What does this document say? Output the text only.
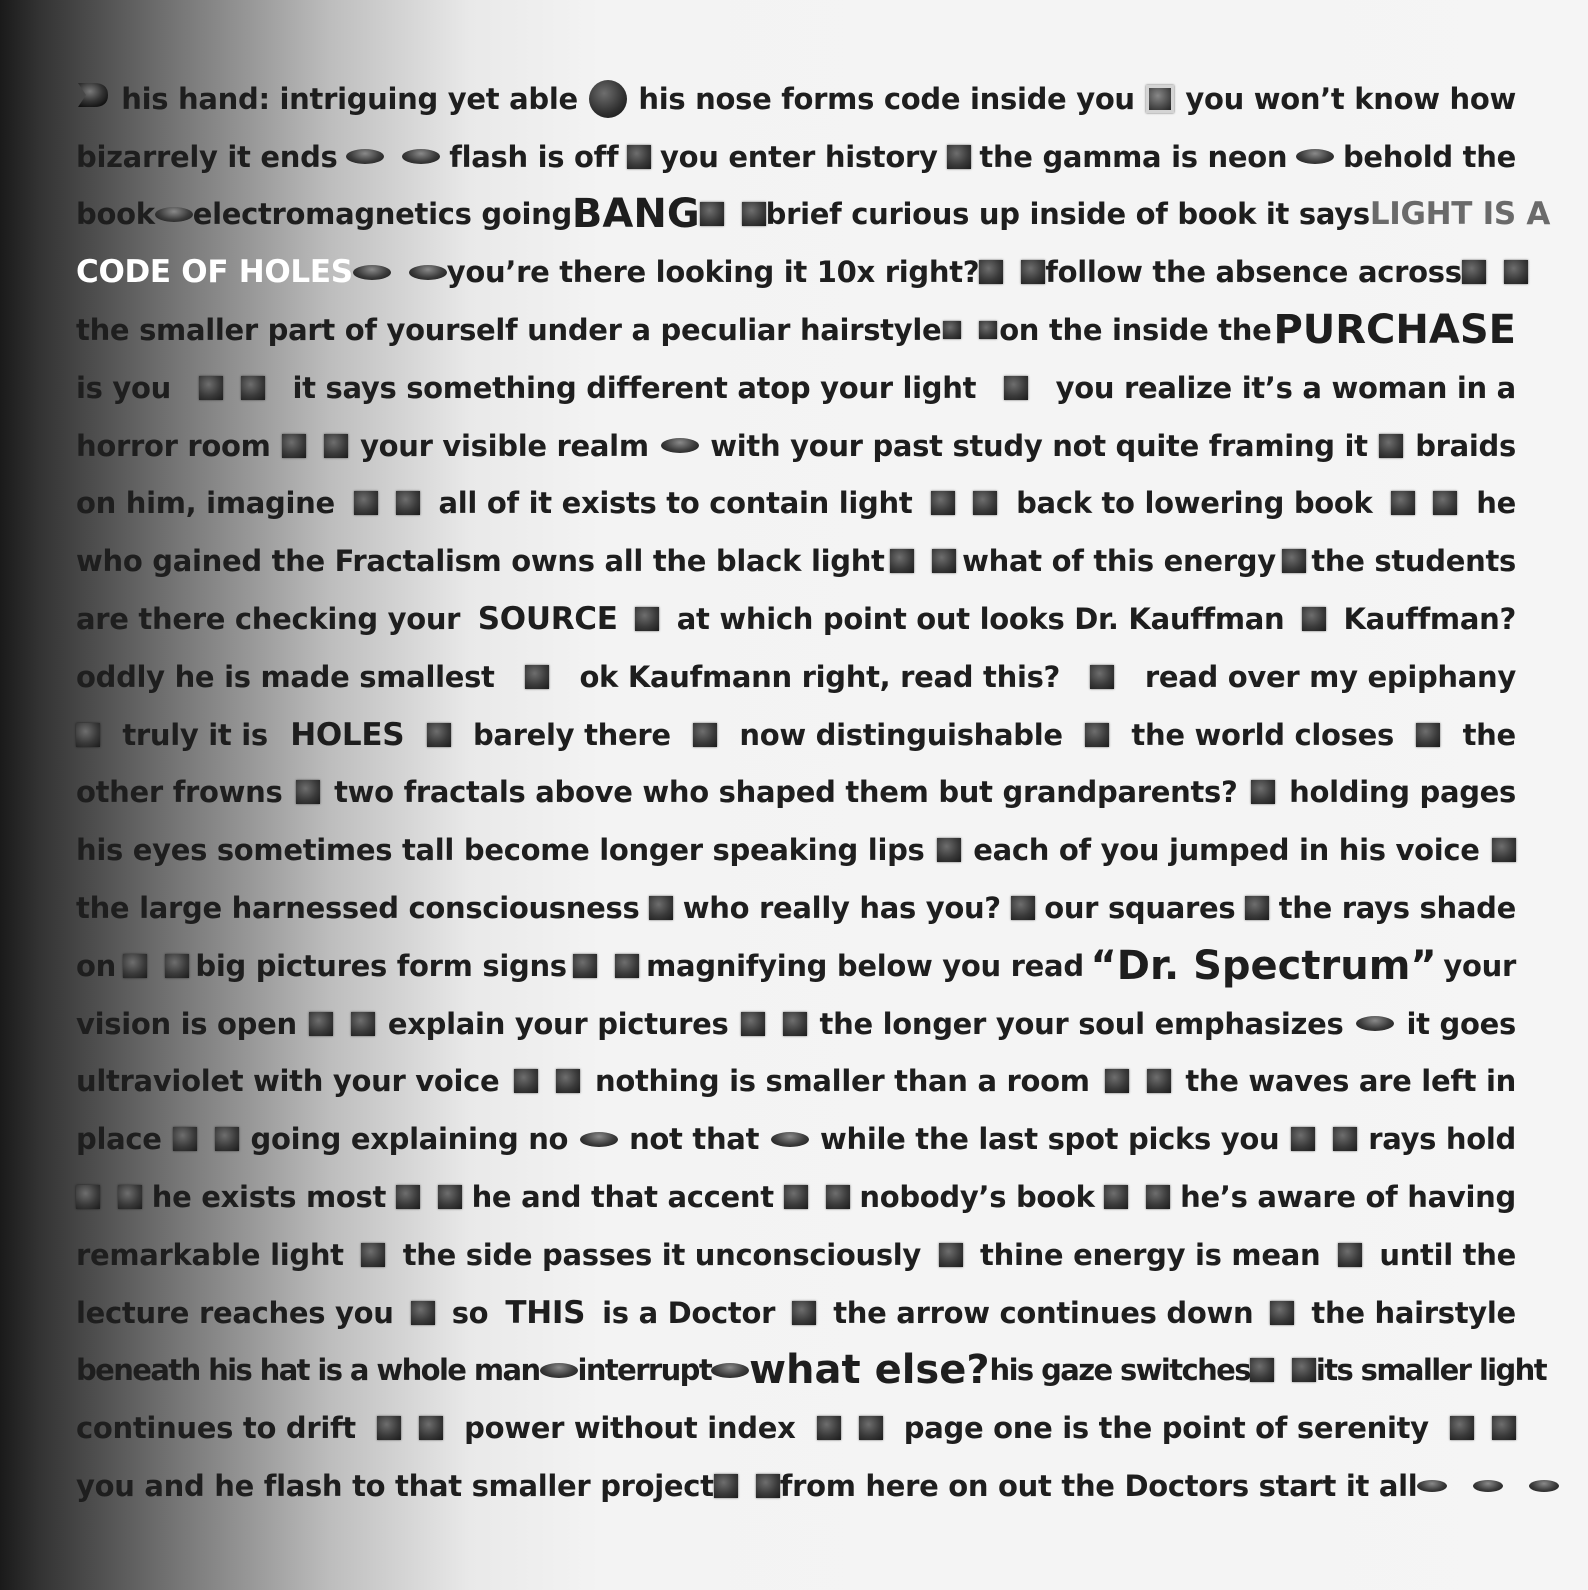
his hand: intriguing yet able his nose forms code inside you you won’t know how
bizarrely it ends	flash is off you enter history the gamma is neon behold the
book electromagnetics going BANG brief curious up inside of book it says LIGHT IS A
CODE OF HOLES	you’re there looking it 10x right? follow the absence across
the smaller part of yourself under a peculiar hairstyle on the inside the PURCHASE
is you	it says something different atop your light	you realize it’s a woman in a
horror room	your visible realm with your past study not quite framing it braids
on him, imagine	all of it exists to contain light	back to lowering book	he
who gained the Fractalism owns all the black light	what of this energy the students
are there checking your SOURCE at which point out looks Dr. Kauffman Kauffman?
oddly he is made smallest	ok Kaufmann right, read this?	read over my epiphany
truly it is HOLES barely there now distinguishable the world closes the
other frowns two fractals above who shaped them but grandparents? holding pages
his eyes sometimes tall become longer speaking lips each of you jumped in his voice
the large harnessed consciousness who really has you? our squares the rays shade
on	big pictures form signs	magnifying below you read “Dr. Spectrum” your
vision is open	explain your pictures	the longer your soul emphasizes it goes
ultraviolet with your voice	nothing is smaller than a room	the waves are left in
place	going explaining no not that while the last spot picks you	rays hold
he exists most	he and that accent	nobody’s book	he’s aware of having
remarkable light the side passes it unconsciously thine energy is mean until the
lecture reaches you so THIS is a Doctor the arrow continues down the hairstyle
beneath his hat is a whole man interrupt what else? his gaze switches its smaller light
continues to drift	power without index	page one is the point of serenity
you and he flash to that smaller project from here on out the Doctors start it all
